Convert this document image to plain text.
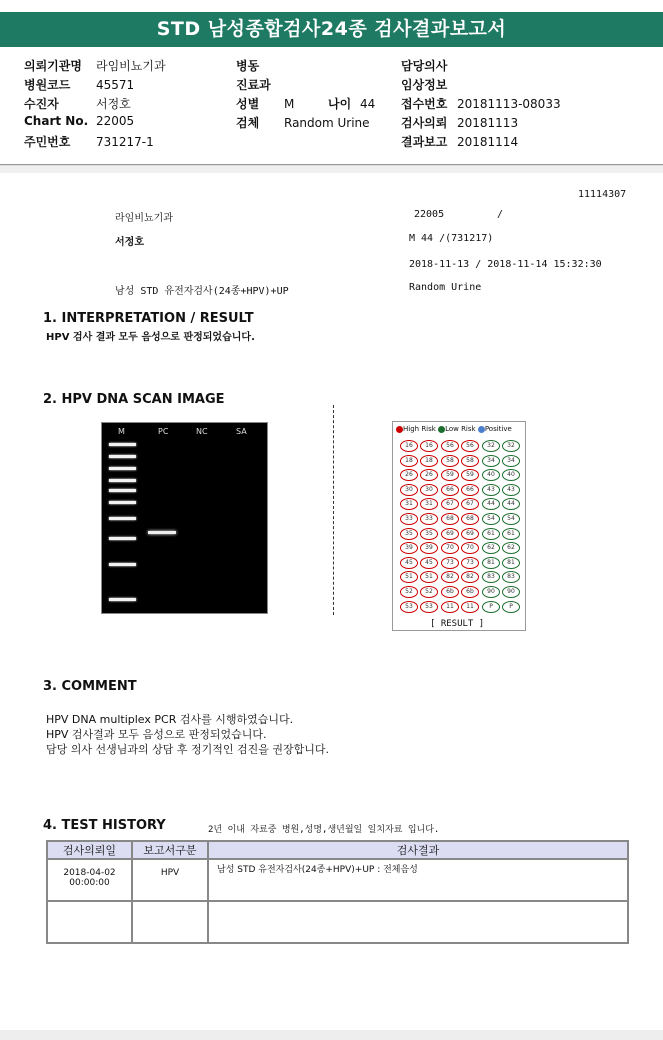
STD 남성종합검사24종 검사결과보고서
의뢰기관명 라임비뇨기과
병원코드 45571
수진자	서정호
Chart No. 22005
주민번호 731217-1
병동
진료과
성별 M	나이 44
검체 Random Urine
담당의사
임상정보
접수번호 20181113-08033
검사의뢰 20181113
결과보고 20181114
11114307
라임비뇨기과	22005	/
서정호	M 44 /(731217)
2018-11-13 / 2018-11-14 15:32:30
남성 STD 유전자검사(24종+HPV)+UP	Random Urine
1. INTERPRETATION / RESULT
HPV 검사 결과 모두 음성으로 판정되었습니다.
2. HPV DNA SCAN IMAGE
M	PC	NC	SA	High Risk Low Risk Positive
16	16	56	56	32	32
18	18	58	58	34	34
26	26	59	59	40	40
30	30	66	66	43	43
31	31	67	67	44	44
33	33	68	68	54	54
35	35	69	69	61	61
39	39	70	70	62	62
45	45	73	73	81	81
51	51	82	82	83	83
52	52	6b	6b	90	90
53	53	11	11	P	P
[ RESULT ]
3. COMMENT
HPV DNA multiplex PCR 검사를 시행하였습니다.
HPV 검사결과 모두 음성으로 판정되었습니다.
담당 의사 선생님과의 상담 후 정기적인 검진을 권장합니다.
4. TEST HISTORY	2년 이내 자료중 병원,성명,생년월일 일치자료 입니다.
검사의뢰일	보고서구분	검사결과

2018-04-02
00:00:00	HPV	남성 STD 유전자검사(24종+HPV)+UP : 전체음성
